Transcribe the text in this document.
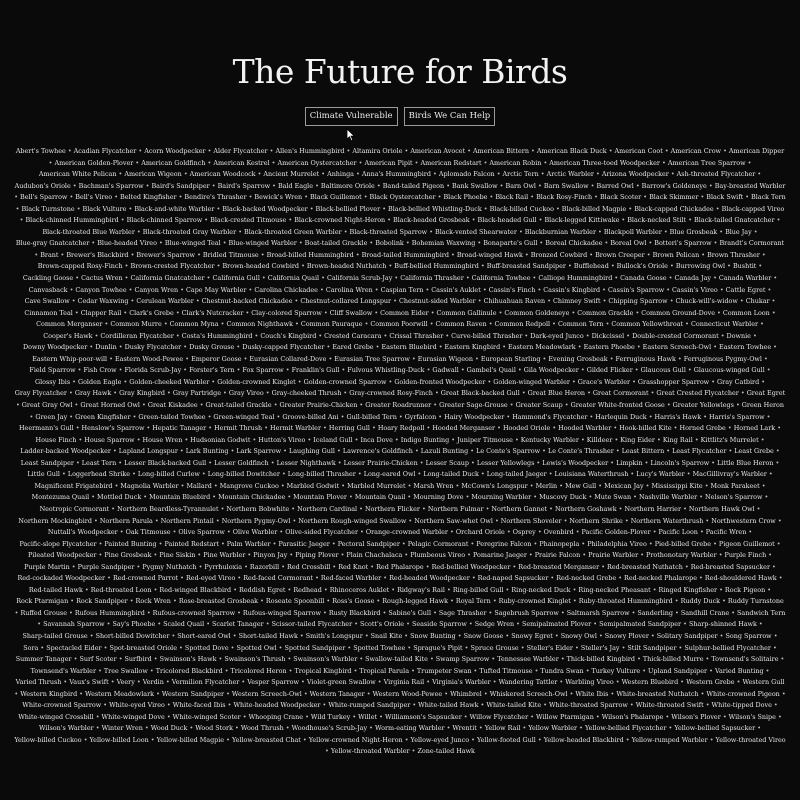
The Future for Birds
Climate Vulnerable	Birds We Can Help
Abert's Towhee • Acadian Flycatcher • Acorn Woodpecker • Alder Flycatcher • Allen's Hummingbird • Altamira Oriole • American Avocet • American Bittern • American Black Duck • American Coot • American Crow • American Dipper • American Golden-Plover • American Goldfinch • American Kestrel • American Oystercatcher • American Pipit • American Redstart • American Robin • American Three-toed Woodpecker • American Tree Sparrow • American White Pelican • American Wigeon • American Woodcock • Ancient Murrelet • Anhinga • Anna's Hummingbird • Aplomado Falcon • Arctic Tern • Arctic Warbler • Arizona Woodpecker • Ash-throated Flycatcher • Audubon's Oriole • Bachman's Sparrow • Baird's Sandpiper • Baird's Sparrow • Bald Eagle • Baltimore Oriole • Band-tailed Pigeon • Bank Swallow • Barn Owl • Barn Swallow • Barred Owl • Barrow's Goldeneye • Bay-breasted Warbler • Bell's Sparrow • Bell's Vireo • Belted Kingfisher • Bendire's Thrasher • Bewick's Wren • Black Guillemot • Black Oystercatcher • Black Phoebe • Black Rail • Black Rosy-Finch • Black Scoter • Black Skimmer • Black Swift • Black Tern • Black Turnstone • Black Vulture • Black-and-white Warbler • Black-backed Woodpecker • Black-bellied Plover • Black-bellied Whistling-Duck • Black-billed Cuckoo • Black-billed Magpie • Black-capped Chickadee • Black-capped Vireo • Black-chinned Hummingbird • Black-chinned Sparrow • Black-crested Titmouse • Black-crowned Night-Heron • Black-headed Grosbeak • Black-headed Gull • Black-legged Kittiwake • Black-necked Stilt • Black-tailed Gnatcatcher • Black-throated Blue Warbler • Black-throated Gray Warbler • Black-throated Green Warbler • Black-throated Sparrow • Black-vented Shearwater • Blackburnian Warbler • Blackpoll Warbler • Blue Grosbeak • Blue Jay • Blue-gray Gnatcatcher • Blue-headed Vireo • Blue-winged Teal • Blue-winged Warbler • Boat-tailed Grackle • Bobolink • Bohemian Waxwing • Bonaparte's Gull • Boreal Chickadee • Boreal Owl • Botteri's Sparrow • Brandt's Cormorant • Brant • Brewer's Blackbird • Brewer's Sparrow • Bridled Titmouse • Broad-billed Hummingbird • Broad-tailed Hummingbird • Broad-winged Hawk • Bronzed Cowbird • Brown Creeper • Brown Pelican • Brown Thrasher • Brown-capped Rosy-Finch • Brown-crested Flycatcher • Brown-headed Cowbird • Brown-headed Nuthatch • Buff-bellied Hummingbird • Buff-breasted Sandpiper • Bufflehead • Bullock's Oriole • Burrowing Owl • Bushtit • Cackling Goose • Cactus Wren • California Gnatcatcher • California Gull • California Quail • California Scrub-Jay • California Thrasher • California Towhee • Calliope Hummingbird • Canada Goose • Canada Jay • Canada Warbler • Canvasback • Canyon Towhee • Canyon Wren • Cape May Warbler • Carolina Chickadee • Carolina Wren • Caspian Tern • Cassin's Auklet • Cassin's Finch • Cassin's Kingbird • Cassin's Sparrow • Cassin's Vireo • Cattle Egret • Cave Swallow • Cedar Waxwing • Cerulean Warbler • Chestnut-backed Chickadee • Chestnut-collared Longspur • Chestnut-sided Warbler • Chihuahuan Raven • Chimney Swift • Chipping Sparrow • Chuck-will's-widow • Chukar • Cinnamon Teal • Clapper Rail • Clark's Grebe • Clark's Nutcracker • Clay-colored Sparrow • Cliff Swallow • Common Eider • Common Gallinule • Common Goldeneye • Common Grackle • Common Ground-Dove • Common Loon • Common Merganser • Common Murre • Common Myna • Common Nighthawk • Common Pauraque • Common Poorwill • Common Raven • Common Redpoll • Common Tern • Common Yellowthroat • Connecticut Warbler • Cooper's Hawk • Cordilleran Flycatcher • Costa's Hummingbird • Couch's Kingbird • Crested Caracara • Crissal Thrasher • Curve-billed Thrasher • Dark-eyed Junco • Dickcissel • Double-crested Cormorant • Downie • Downy Woodpecker • Dunlin • Dusky Flycatcher • Dusky Grouse • Dusky-capped Flycatcher • Eared Grebe • Eastern Bluebird • Eastern Kingbird • Eastern Meadowlark • Eastern Phoebe • Eastern Screech-Owl • Eastern Towhee • Eastern Whip-poor-will • Eastern Wood-Pewee • Emperor Goose • Eurasian Collared-Dove • Eurasian Tree Sparrow • Eurasian Wigeon • European Starling • Evening Grosbeak • Ferruginous Hawk • Ferruginous Pygmy-Owl • Field Sparrow • Fish Crow • Florida Scrub-Jay • Forster's Tern • Fox Sparrow • Franklin's Gull • Fulvous Whistling-Duck • Gadwall • Gambel's Quail • Gila Woodpecker • Gilded Flicker • Glaucous Gull • Glaucous-winged Gull • Glossy Ibis • Golden Eagle • Golden-cheeked Warbler • Golden-crowned Kinglet • Golden-crowned Sparrow • Golden-fronted Woodpecker • Golden-winged Warbler • Grace's Warbler • Grasshopper Sparrow • Gray Catbird • Gray Flycatcher • Gray Hawk • Gray Kingbird • Gray Partridge • Gray Vireo • Gray-cheeked Thrush • Gray-crowned Rosy-Finch • Great Black-backed Gull • Great Blue Heron • Great Cormorant • Great Crested Flycatcher • Great Egret • Great Gray Owl • Great Horned Owl • Great Kiskadee • Great-tailed Grackle • Greater Prairie-Chicken • Greater Roadrunner • Greater Sage-Grouse • Greater Scaup • Greater White-fronted Goose • Greater Yellowlegs • Green Heron • Green Jay • Green Kingfisher • Green-tailed Towhee • Green-winged Teal • Groove-billed Ani • Gull-billed Tern • Gyrfalcon • Hairy Woodpecker • Hammond's Flycatcher • Harlequin Duck • Harris's Hawk • Harris's Sparrow • Heermann's Gull • Henslow's Sparrow • Hepatic Tanager • Hermit Thrush • Hermit Warbler • Herring Gull • Hoary Redpoll • Hooded Merganser • Hooded Oriole • Hooded Warbler • Hook-billed Kite • Horned Grebe • Horned Lark • House Finch • House Sparrow • House Wren • Hudsonian Godwit • Hutton's Vireo • Iceland Gull • Inca Dove • Indigo Bunting • Juniper Titmouse • Kentucky Warbler • Killdeer • King Eider • King Rail • Kittlitz's Murrelet • Ladder-backed Woodpecker • Lapland Longspur • Lark Bunting • Lark Sparrow • Laughing Gull • Lawrence's Goldfinch • Lazuli Bunting • Le Conte's Sparrow • Le Conte's Thrasher • Least Bittern • Least Flycatcher • Least Grebe • Least Sandpiper • Least Tern • Lesser Black-backed Gull • Lesser Goldfinch • Lesser Nighthawk • Lesser Prairie-Chicken • Lesser Scaup • Lesser Yellowlegs • Lewis's Woodpecker • Limpkin • Lincoln's Sparrow • Little Blue Heron • Little Gull • Loggerhead Shrike • Long-billed Curlew • Long-billed Dowitcher • Long-billed Thrasher • Long-eared Owl • Long-tailed Duck • Long-tailed Jaeger • Louisiana Waterthrush • Lucy's Warbler • MacGillivray's Warbler • Magnificent Frigatebird • Magnolia Warbler • Mallard • Mangrove Cuckoo • Marbled Godwit • Marbled Murrelet • Marsh Wren • McCown's Longspur • Merlin • Mew Gull • Mexican Jay • Mississippi Kite • Monk Parakeet • Montezuma Quail • Mottled Duck • Mountain Bluebird • Mountain Chickadee • Mountain Plover • Mountain Quail • Mourning Dove • Mourning Warbler • Muscovy Duck • Mute Swan • Nashville Warbler • Nelson's Sparrow • Neotropic Cormorant • Northern Beardless-Tyrannulet • Northern Bobwhite • Northern Cardinal • Northern Flicker • Northern Fulmar • Northern Gannet • Northern Goshawk • Northern Harrier • Northern Hawk Owl • Northern Mockingbird • Northern Parula • Northern Pintail • Northern Pygmy-Owl • Northern Rough-winged Swallow • Northern Saw-whet Owl • Northern Shoveler • Northern Shrike • Northern Waterthrush • Northwestern Crow • Nuttall's Woodpecker • Oak Titmouse • Olive Sparrow • Olive Warbler • Olive-sided Flycatcher • Orange-crowned Warbler • Orchard Oriole • Osprey • Ovenbird • Pacific Golden-Plover • Pacific Loon • Pacific Wren • Pacific-slope Flycatcher • Painted Bunting • Painted Redstart • Palm Warbler • Parasitic Jaeger • Pectoral Sandpiper • Pelagic Cormorant • Peregrine Falcon • Phainopepla • Philadelphia Vireo • Pied-billed Grebe • Pigeon Guillemot • Pileated Woodpecker • Pine Grosbeak • Pine Siskin • Pine Warbler • Pinyon Jay • Piping Plover • Plain Chachalaca • Plumbeous Vireo • Pomarine Jaeger • Prairie Falcon • Prairie Warbler • Prothonotary Warbler • Purple Finch • Purple Martin • Purple Sandpiper • Pygmy Nuthatch • Pyrrhuloxia • Razorbill • Red Crossbill • Red Knot • Red Phalarope • Red-bellied Woodpecker • Red-breasted Merganser • Red-breasted Nuthatch • Red-breasted Sapsucker • Red-cockaded Woodpecker • Red-crowned Parrot • Red-eyed Vireo • Red-faced Cormorant • Red-faced Warbler • Red-headed Woodpecker • Red-naped Sapsucker • Red-necked Grebe • Red-necked Phalarope • Red-shouldered Hawk • Red-tailed Hawk • Red-throated Loon • Red-winged Blackbird • Reddish Egret • Redhead • Rhinoceros Auklet • Ridgway's Rail • Ring-billed Gull • Ring-necked Duck • Ring-necked Pheasant • Ringed Kingfisher • Rock Pigeon • Rock Ptarmigan • Rock Sandpiper • Rock Wren • Rose-breasted Grosbeak • Roseate Spoonbill • Ross's Goose • Rough-legged Hawk • Royal Tern • Ruby-crowned Kinglet • Ruby-throated Hummingbird • Ruddy Duck • Ruddy Turnstone • Ruffed Grouse • Rufous Hummingbird • Rufous-crowned Sparrow • Rufous-winged Sparrow • Rusty Blackbird • Sabine's Gull • Sage Thrasher • Sagebrush Sparrow • Saltmarsh Sparrow • Sanderling • Sandhill Crane • Sandwich Tern • Savannah Sparrow • Say's Phoebe • Scaled Quail • Scarlet Tanager • Scissor-tailed Flycatcher • Scott's Oriole • Seaside Sparrow • Sedge Wren • Semipalmated Plover • Semipalmated Sandpiper • Sharp-shinned Hawk • Sharp-tailed Grouse • Short-billed Dowitcher • Short-eared Owl • Short-tailed Hawk • Smith's Longspur • Snail Kite • Snow Bunting • Snow Goose • Snowy Egret • Snowy Owl • Snowy Plover • Solitary Sandpiper • Song Sparrow • Sora • Spectacled Eider • Spot-breasted Oriole • Spotted Dove • Spotted Owl • Spotted Sandpiper • Spotted Towhee • Sprague's Pipit • Spruce Grouse • Steller's Eider • Steller's Jay • Stilt Sandpiper • Sulphur-bellied Flycatcher • Summer Tanager • Surf Scoter • Surfbird • Swainson's Hawk • Swainson's Thrush • Swainson's Warbler • Swallow-tailed Kite • Swamp Sparrow • Tennessee Warbler • Thick-billed Kingbird • Thick-billed Murre • Townsend's Solitaire • Townsend's Warbler • Tree Swallow • Tricolored Blackbird • Tricolored Heron • Tropical Kingbird • Tropical Parula • Trumpeter Swan • Tufted Titmouse • Tundra Swan • Turkey Vulture • Upland Sandpiper • Varied Bunting • Varied Thrush • Vaux's Swift • Veery • Verdin • Vermilion Flycatcher • Vesper Sparrow • Violet-green Swallow • Virginia Rail • Virginia's Warbler • Wandering Tattler • Warbling Vireo • Western Bluebird • Western Grebe • Western Gull • Western Kingbird • Western Meadowlark • Western Sandpiper • Western Screech-Owl • Western Tanager • Western Wood-Pewee • Whimbrel • Whiskered Screech-Owl • White Ibis • White-breasted Nuthatch • White-crowned Pigeon • White-crowned Sparrow • White-eyed Vireo • White-faced Ibis • White-headed Woodpecker • White-rumped Sandpiper • White-tailed Hawk • White-tailed Kite • White-throated Sparrow • White-throated Swift • White-tipped Dove • White-winged Crossbill • White-winged Dove • White-winged Scoter • Whooping Crane • Wild Turkey • Willet • Williamson's Sapsucker • Willow Flycatcher • Willow Ptarmigan • Wilson's Phalarope • Wilson's Plover • Wilson's Snipe • Wilson's Warbler • Winter Wren • Wood Duck • Wood Stork • Wood Thrush • Woodhouse's Scrub-Jay • Worm-eating Warbler • Wrentit • Yellow Rail • Yellow Warbler • Yellow-bellied Flycatcher • Yellow-bellied Sapsucker • Yellow-billed Cuckoo • Yellow-billed Loon • Yellow-billed Magpie • Yellow-breasted Chat • Yellow-crowned Night-Heron • Yellow-eyed Junco • Yellow-footed Gull • Yellow-headed Blackbird • Yellow-rumped Warbler • Yellow-throated Vireo • Yellow-throated Warbler • Zone-tailed Hawk
